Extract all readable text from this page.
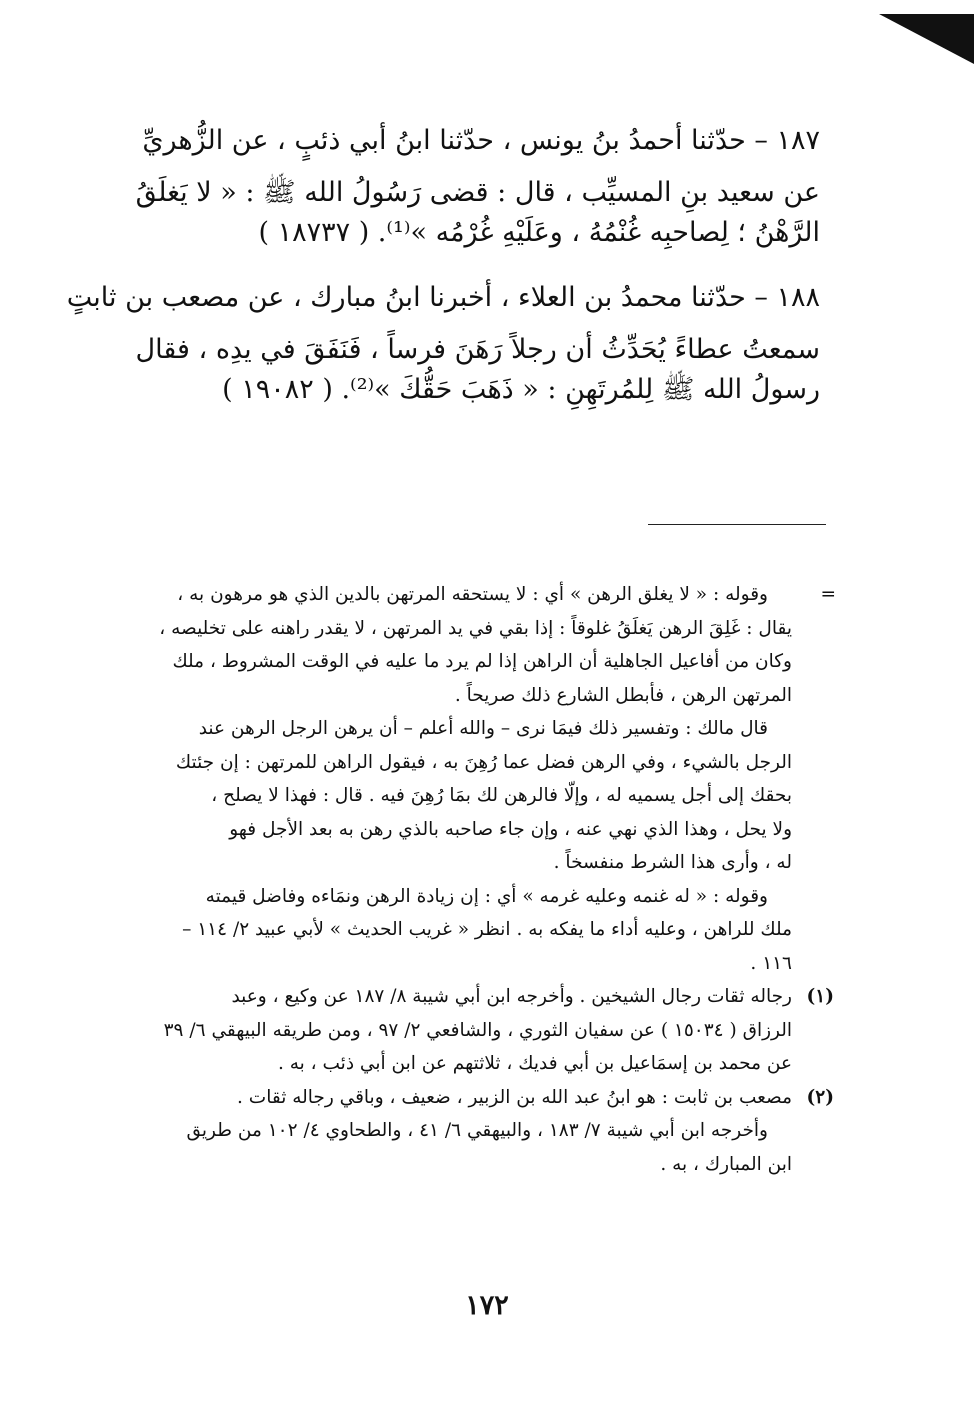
١٨٧ – حدّثنا أحمدُ بنُ يونس ، حدّثنا ابنُ أبي ذئبٍ ، عن الزُّهريِّ
عن سعيد بنِ المسيِّب ، قال : قضى رَسُولُ الله ﷺ : « لا يَغلَقُ
الرَّهْنُ ؛ لِصاحبِه غُنْمُهُ ، وعَلَيْهِ غُرْمُه »⁽¹⁾. ( ١٨٧٣٧ )
١٨٨ – حدّثنا محمدُ بن العلاء ، أخبرنا ابنُ مبارك ، عن مصعب بن ثابتٍ
سمعتُ عطاءً يُحَدِّثُ أن رجلاً رَهَنَ فرساً ، فَنَفَقَ في يدِه ، فقال
رسولُ الله ﷺ لِلمُرتَهِنِ : « ذَهَبَ حَقُّكَ »⁽²⁾. ( ١٩٠٨٢ )
=
وقوله : « لا يغلق الرهن » أي : لا يستحقه المرتهن بالدين الذي هو مرهون به ،
يقال : غَلِقَ الرهن يَغلَقُ غلوقاً : إذا بقي في يد المرتهن ، لا يقدر راهنه على تخليصه ،
وكان من أفاعيل الجاهلية أن الراهن إذا لم يرد ما عليه في الوقت المشروط ، ملك
المرتهن الرهن ، فأبطل الشارع ذلك صريحاً .
قال مالك : وتفسير ذلك فيمَا نرى – والله أعلم – أن يرهن الرجل الرهن عند
الرجل بالشيء ، وفي الرهن فضل عما رُهِنَ به ، فيقول الراهن للمرتهن : إن جئتك
بحقك إلى أجل يسميه له ، وإلّا فالرهن لك بمَا رُهِنَ فيه . قال : فهذا لا يصلح ،
ولا يحل ، وهذا الذي نهي عنه ، وإن جاء صاحبه بالذي رهن به بعد الأجل فهو
له ، وأرى هذا الشرط منفسخاً .
وقوله : « له غنمه وعليه غرمه » أي : إن زيادة الرهن ونمَاءه وفاضل قيمته
ملك للراهن ، وعليه أداء ما يفكه به . انظر « غريب الحديث » لأبي عبيد ٢/ ١١٤ –
١١٦ .
(١)
رجاله ثقات رجال الشيخين . وأخرجه ابن أبي شيبة ٨/ ١٨٧ عن وكيع ، وعبد
الرزاق ( ١٥٠٣٤ ) عن سفيان الثوري ، والشافعي ٢/ ٩٧ ، ومن طريقه البيهقي ٦/ ٣٩
عن محمد بن إسمَاعيل بن أبي فديك ، ثلاثتهم عن ابن أبي ذئب ، به .
(٢)
مصعب بن ثابت : هو ابنُ عبد الله بن الزبير ، ضعيف ، وباقي رجاله ثقات .
وأخرجه ابن أبي شيبة ٧/ ١٨٣ ، والبيهقي ٦/ ٤١ ، والطحاوي ٤/ ١٠٢ من طريق
ابن المبارك ، به .
١٧٢
